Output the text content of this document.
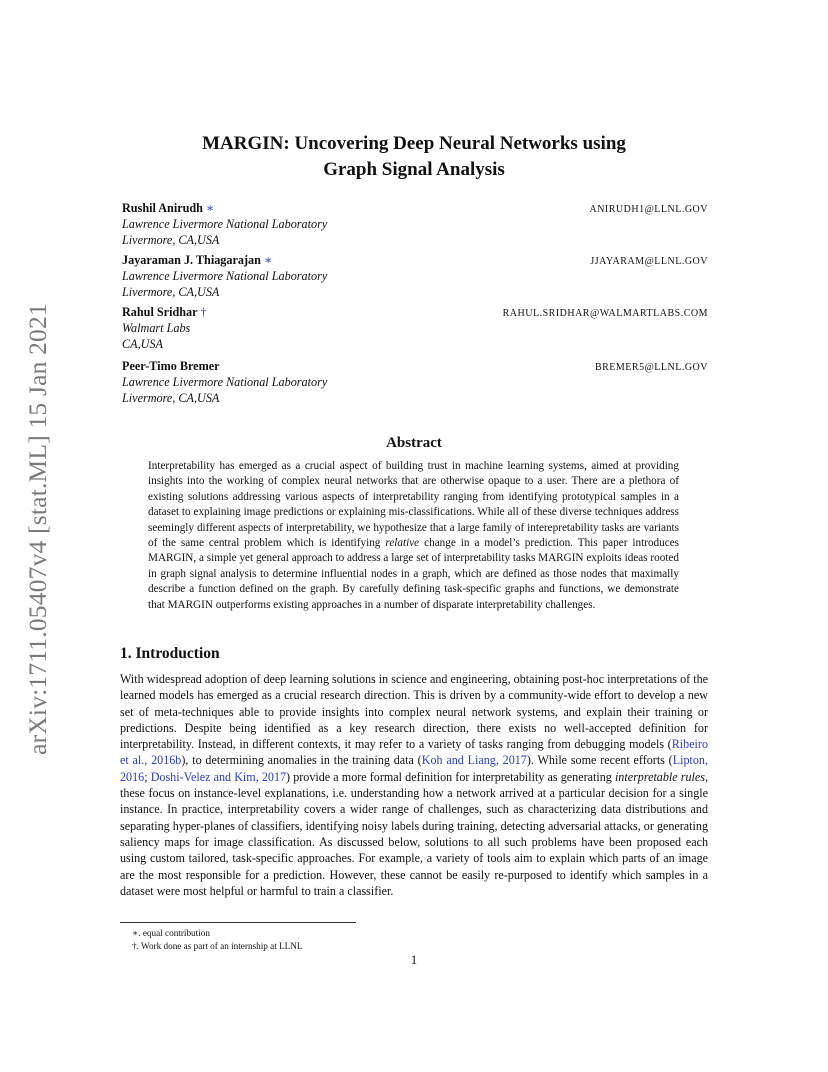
arXiv:1711.05407v4 [stat.ML] 15 Jan 2021
MARGIN: Uncovering Deep Neural Networks using
Graph Signal Analysis
Rushil Anirudh ∗	ANIRUDH1@LLNL.GOV
Lawrence Livermore National Laboratory
Livermore, CA,USA
Jayaraman J. Thiagarajan ∗	JJAYARAM@LLNL.GOV
Lawrence Livermore National Laboratory
Livermore, CA,USA
Rahul Sridhar †	RAHUL.SRIDHAR@WALMARTLABS.COM
Walmart Labs
CA,USA
Peer-Timo Bremer	BREMER5@LLNL.GOV
Lawrence Livermore National Laboratory
Livermore, CA,USA
Abstract
Interpretability has emerged as a crucial aspect of building trust in machine learning systems, aimed at providing insights into the working of complex neural networks that are otherwise opaque to a user. There are a plethora of existing solutions addressing various aspects of interpretability ranging from identifying prototypical samples in a dataset to explaining image predictions or explaining mis-classifications. While all of these diverse techniques address seemingly different aspects of interpretability, we hypothesize that a large family of interepretability tasks are variants of the same central problem which is identifying relative change in a model’s prediction. This paper introduces MARGIN, a simple yet general approach to address a large set of interpretability tasks MARGIN exploits ideas rooted in graph signal analysis to determine influential nodes in a graph, which are defined as those nodes that maximally describe a function defined on the graph. By carefully defining task-specific graphs and functions, we demonstrate that MARGIN outperforms existing approaches in a number of disparate interpretability challenges.
1. Introduction
With widespread adoption of deep learning solutions in science and engineering, obtaining post-hoc interpretations of the learned models has emerged as a crucial research direction. This is driven by a community-wide effort to develop a new set of meta-techniques able to provide insights into complex neural network systems, and explain their training or predictions. Despite being identified as a key research direction, there exists no well-accepted definition for interpretability. Instead, in different contexts, it may refer to a variety of tasks ranging from debugging models (Ribeiro et al., 2016b), to determining anomalies in the training data (Koh and Liang, 2017). While some recent efforts (Lipton, 2016; Doshi-Velez and Kim, 2017) provide a more formal definition for interpretability as generating interpretable rules, these focus on instance-level explanations, i.e. understanding how a network arrived at a particular decision for a single instance. In practice, interpretability covers a wider range of challenges, such as characterizing data distributions and separating hyper-planes of classifiers, identifying noisy labels during training, detecting adversarial attacks, or generating saliency maps for image classification. As discussed below, solutions to all such problems have been proposed each using custom tailored, task-specific approaches. For example, a variety of tools aim to explain which parts of an image are the most responsible for a prediction. However, these cannot be easily re-purposed to identify which samples in a dataset were most helpful or harmful to train a classifier.
∗. equal contribution
†. Work done as part of an internship at LLNL
1
